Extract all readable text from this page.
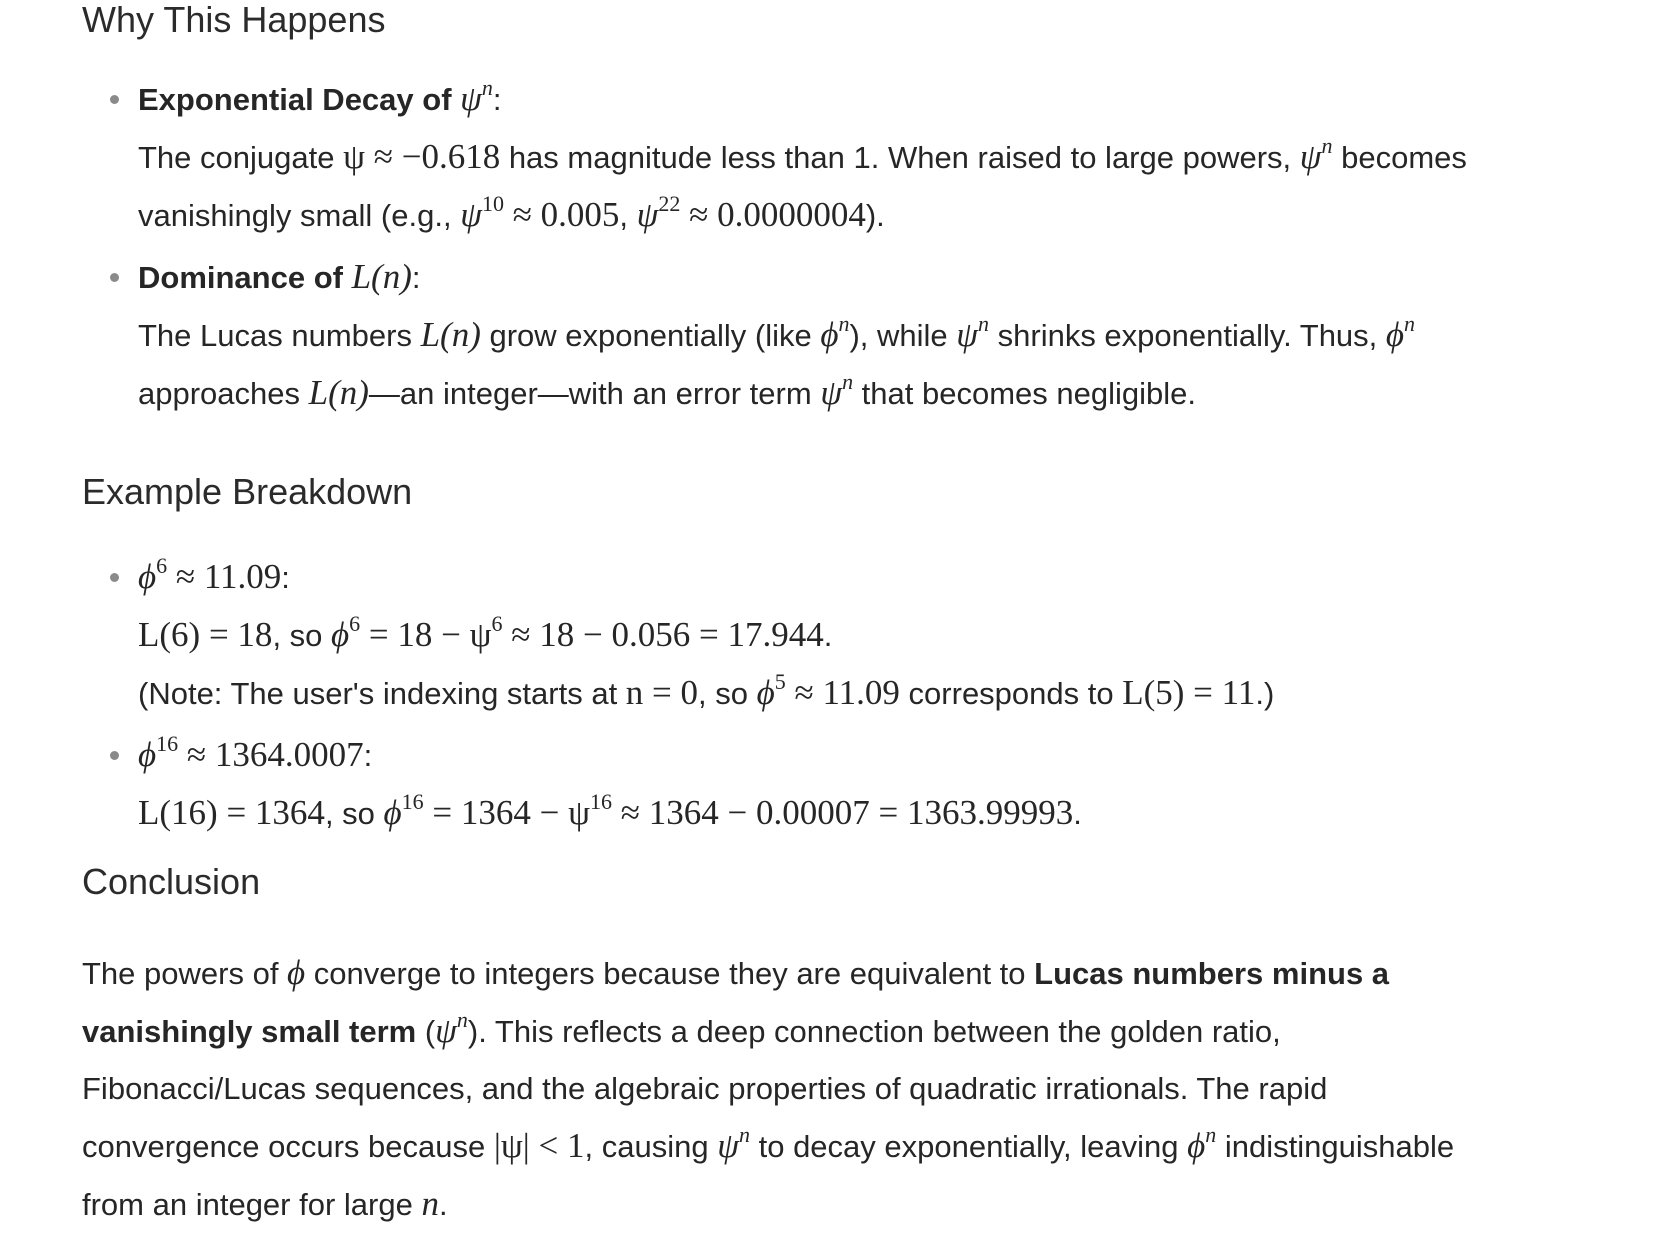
Why This Happens
Exponential Decay of $\psi^n$:
The conjugate ψ ≈ −0.618 has magnitude less than 1. When raised to large powers, $\psi^n$ becomes
vanishingly small (e.g., $\psi^{10} \approx 0.005$, $\psi^{22} \approx 0.0000004$).
Dominance of L(n):
The Lucas numbers L(n) grow exponentially (like $\phi^n$), while $\psi^n$ shrinks exponentially. Thus, $\phi^n$
approaches L(n)—an integer—with an error term $\psi^n$ that becomes negligible.
Example Breakdown
$\phi^6 \approx 11.09$:
L(6) = 18, so $\phi^6 = 18 - \psi^6 \approx 18 - 0.056 = 17.944$.
(Note: The user's indexing starts at n = 0, so $\phi^5 \approx 11.09$ corresponds to L(5) = 11.)
$\phi^{16} \approx 1364.0007$:
L(16) = 1364, so $\phi^{16} = 1364 - \psi^{16} \approx 1364 - 0.00007 = 1363.99993$.
Conclusion
The powers of ϕ converge to integers because they are equivalent to Lucas numbers minus a
vanishingly small term $(\psi^n)$. This reflects a deep connection between the golden ratio,
Fibonacci/Lucas sequences, and the algebraic properties of quadratic irrationals. The rapid
convergence occurs because |ψ| < 1, causing $\psi^n$ to decay exponentially, leaving $\phi^n$ indistinguishable
from an integer for large n.
